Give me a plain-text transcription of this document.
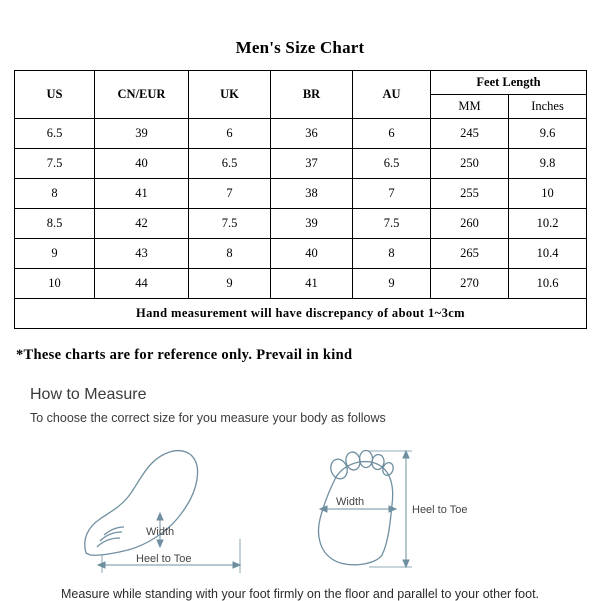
Men's Size Chart
US	CN/EUR	UK	BR	AU	Feet Length	
					MM	Inches
6.5	39	6	36	6	245	9.6
7.5	40	6.5	37	6.5	250	9.8
8	41	7	38	7	255	10
8.5	42	7.5	39	7.5	260	10.2
9	43	8	40	8	265	10.4
10	44	9	41	9	270	10.6
Hand measurement will have discrepancy of about 1~3cm						
*These charts are for reference only. Prevail in kind
How to Measure
To choose the correct size for you measure your body as follows
Width
Heel to Toe
Width
Heel to Toe
Measure while standing with your foot firmly on the floor and parallel to your other foot.
